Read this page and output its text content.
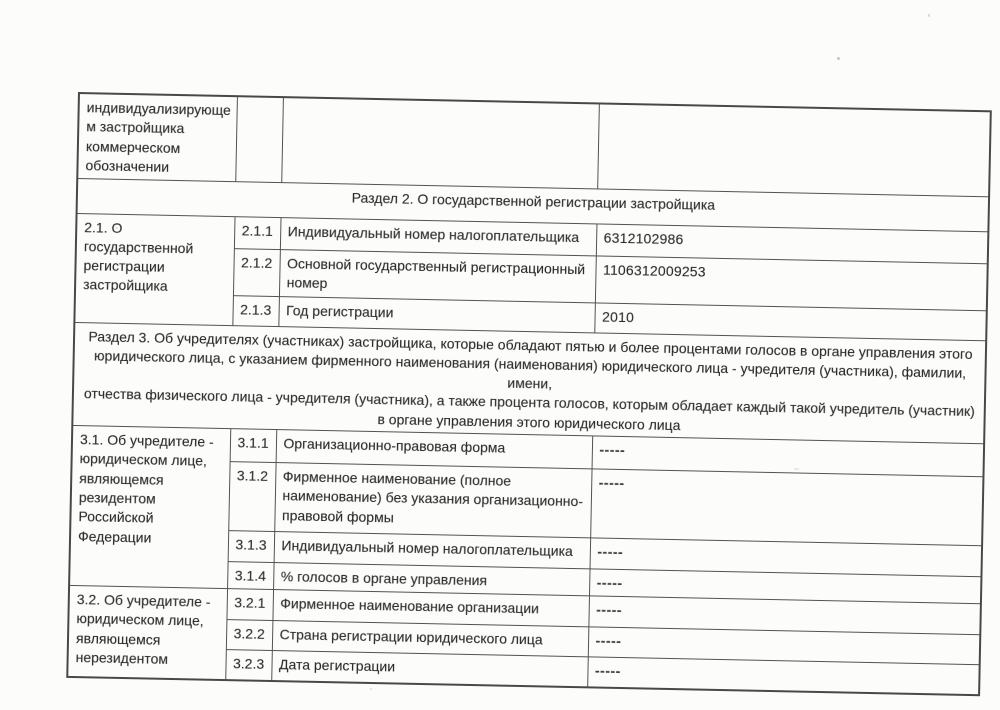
индивидуализирующе
м застройщика
коммерческом
обозначении			
Раздел 2. О государственной регистрации застройщика			
2.1. О государственной
регистрации
застройщика	2.1.1	Индивидуальный номер налогоплательщика	6312102986
	2.1.2	Основной государственный регистрационный
номер	1106312009253
	2.1.3	Год регистрации	2010
Раздел 3. Об учредителях (участниках) застройщика, которые обладают пятью и более процентами голосов в органе управления этого
юридического лица, с указанием фирменного наименования (наименования) юридического лица - учредителя (участника), фамилии, имени,
отчества физического лица - учредителя (участника), а также процента голосов, которым обладает каждый такой учредитель (участник)
в органе управления этого юридического лица			
3.1. Об учредителе -
юридическом лице,
являющемся
резидентом
Российской Федерации	3.1.1	Организационно-правовая форма	-----
	3.1.2	Фирменное наименование (полное
наименование) без указания организационно-
правовой формы	-----
	3.1.3	Индивидуальный номер налогоплательщика	-----
	3.1.4	% голосов в органе управления	-----
3.2. Об учредителе -
юридическом лице,
являющемся
нерезидентом	3.2.1	Фирменное наименование организации	-----
	3.2.2	Страна регистрации юридического лица	-----
	3.2.3	Дата регистрации	-----
